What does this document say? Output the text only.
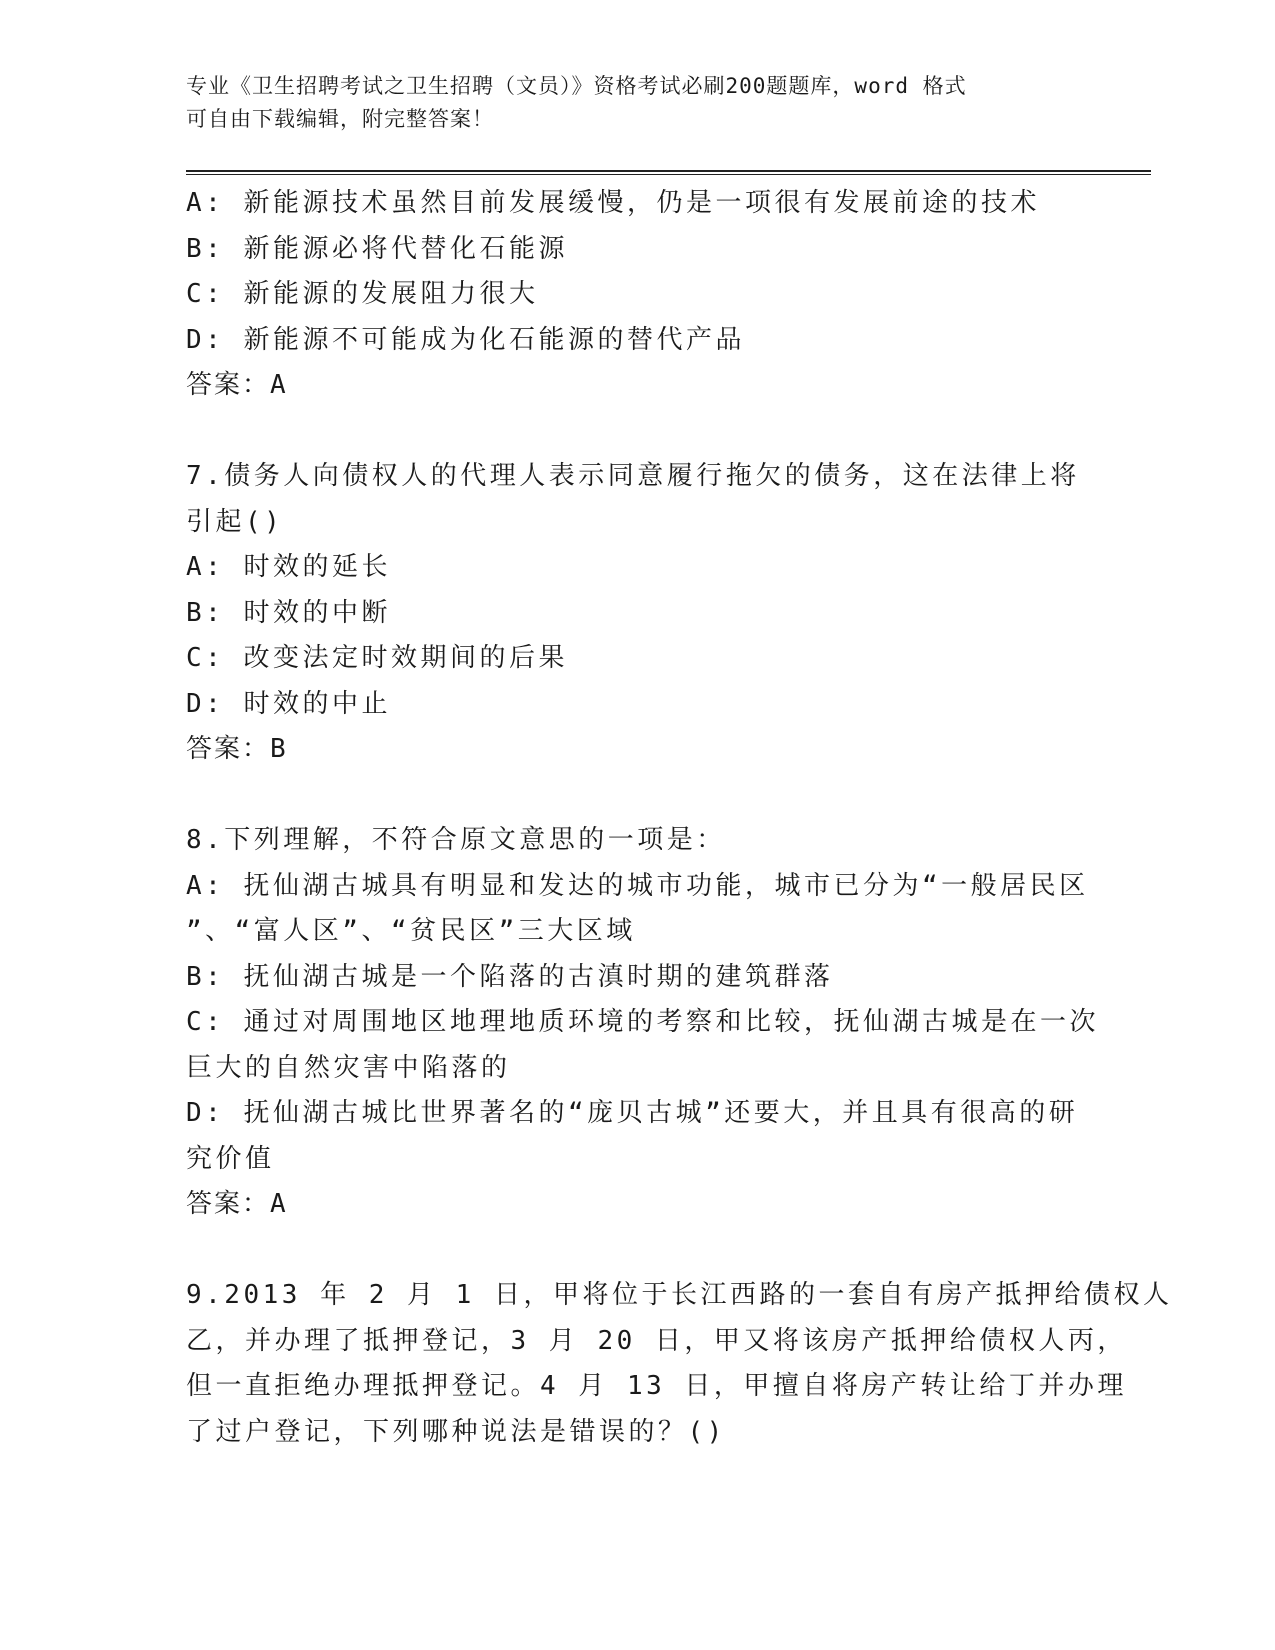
专业《卫生招聘考试之卫生招聘（文员）》资格考试必刷200题题库，word 格式

可自由下载编辑，附完整答案！

A: 新能源技术虽然目前发展缓慢，仍是一项很有发展前途的技术

B: 新能源必将代替化石能源

C: 新能源的发展阻力很大

D: 新能源不可能成为化石能源的替代产品

答案：A

7.债务人向债权人的代理人表示同意履行拖欠的债务，这在法律上将

引起()

A: 时效的延长

B: 时效的中断

C: 改变法定时效期间的后果

D: 时效的中止

答案：B

8.下列理解，不符合原文意思的一项是：

A: 抚仙湖古城具有明显和发达的城市功能，城市已分为“一般居民区

”、“富人区”、“贫民区”三大区域

B: 抚仙湖古城是一个陷落的古滇时期的建筑群落

C: 通过对周围地区地理地质环境的考察和比较，抚仙湖古城是在一次

巨大的自然灾害中陷落的

D: 抚仙湖古城比世界著名的“庞贝古城”还要大，并且具有很高的研

究价值

答案：A

9.2013 年 2 月 1 日，甲将位于长江西路的一套自有房产抵押给债权人

乙，并办理了抵押登记，3 月 20 日，甲又将该房产抵押给债权人丙，

但一直拒绝办理抵押登记。4 月 13 日，甲擅自将房产转让给丁并办理

了过户登记，下列哪种说法是错误的？()
